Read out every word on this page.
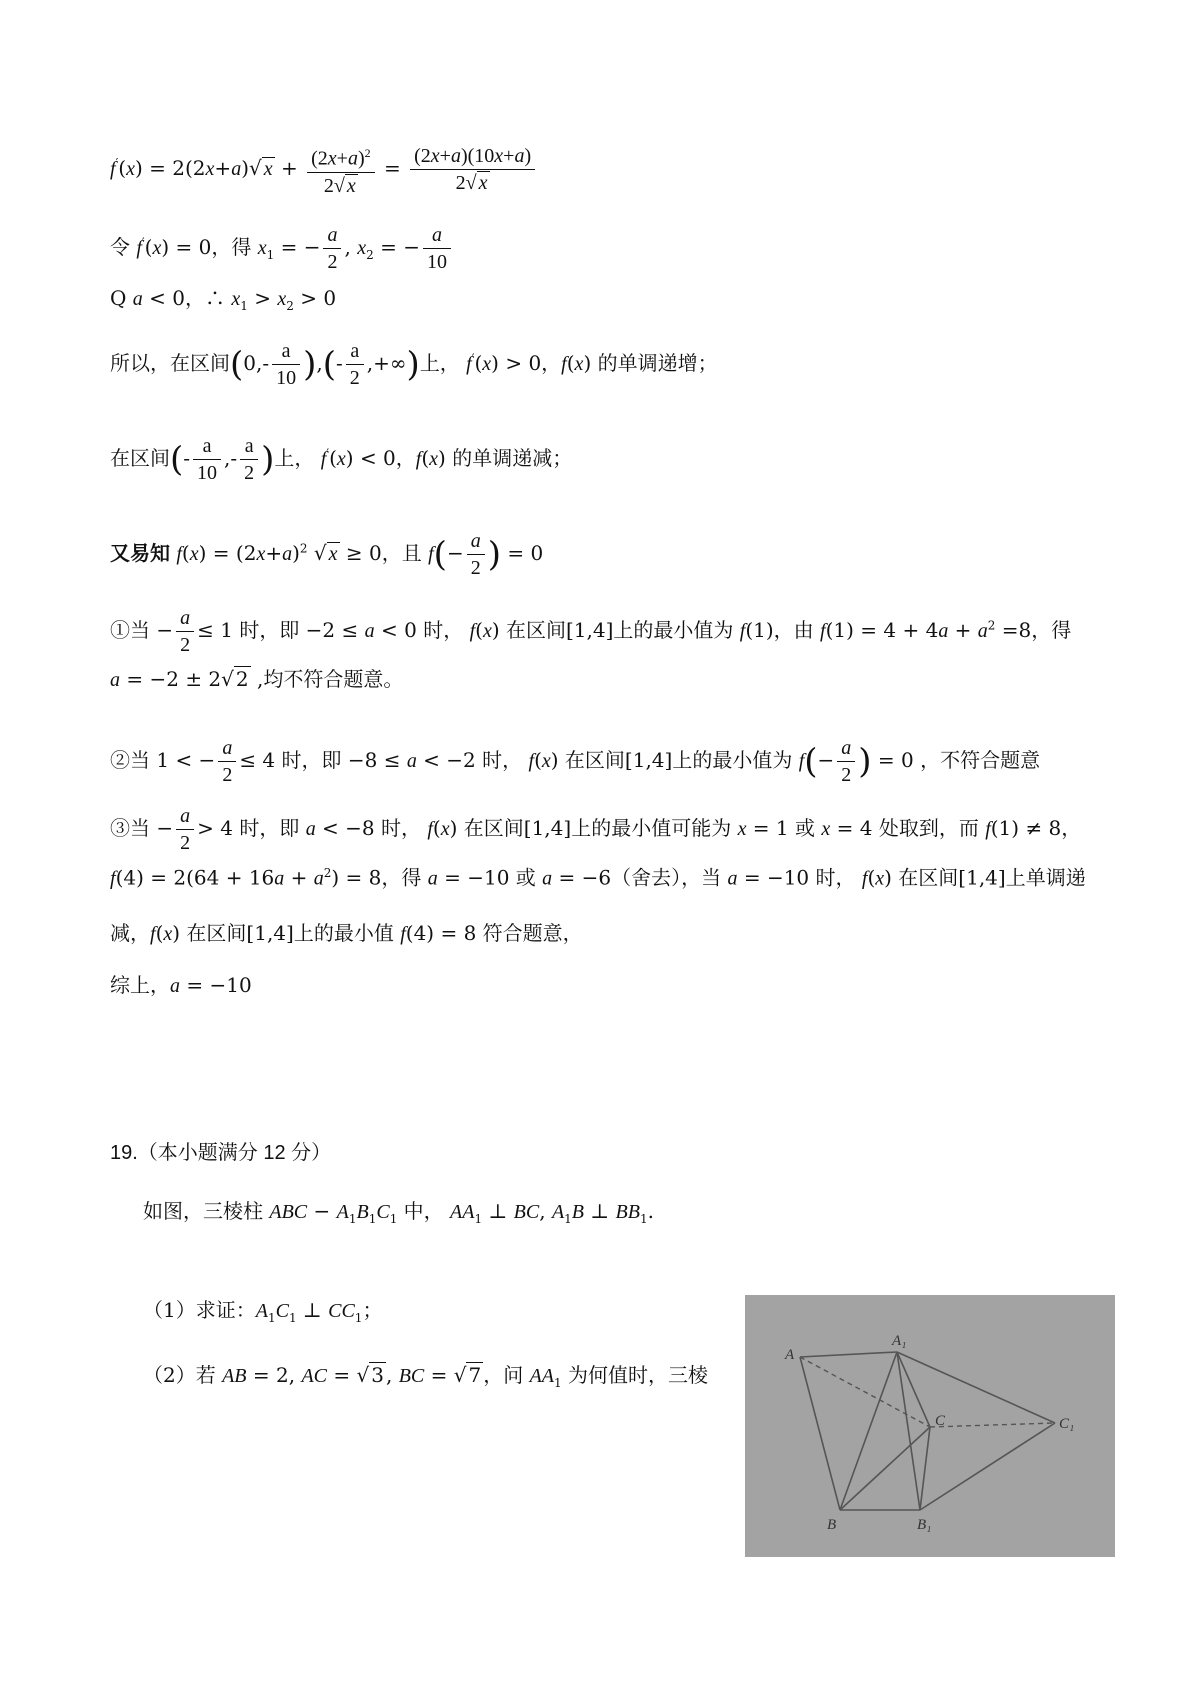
f′(x) = 2(2x+a)√ $x + \frac{(2x+a)^2}{2√ x} = \frac{(2x+a)(10x+a)}{2√ x}$
令 f′(x) = 0，得 $x_1$ = − $\frac{a}{2}$ , $x_2$ = − $\frac{a}{10}$
Q a < 0，∴ $x_1 > x_2 > 0$
所以，在区间($0,- \frac{a}{10}$ ),(- $\frac{a}{2}$ ,+∞)上， f′(x) > 0，f(x) 的单调递增；
在区间(- $\frac{a}{10}$ ,- $\frac{a}{2}$ )上， f′(x) < 0，f(x) 的单调递减；
又易知 $f(x) = (2x+a)^2$ √ x ≥ 0，且 $f(- \frac{a}{2}$ ) = 0
①当 − $\frac{a}{2} \le 1$ 时，即 −2 ≤ a < 0 时， f(x) 在区间[1,4]上的最小值为 f(1)，由 $f(1) = 4 + 4a + a^2 =8$，得
a = −2 ± 2√ 2 ,均不符合题意。
②当 1 < − $\frac{a}{2} \le 4$ 时，即 −8 ≤ a < −2 时， f(x) 在区间[1,4]上的最小值为 $f(- \frac{a}{2}$ ) = 0 ，不符合题意
③当 − $\frac{a}{2} > 4$ 时，即 a < −8 时， f(x) 在区间[1,4]上的最小值可能为 x = 1 或 x = 4 处取到，而 f(1) ≠ 8，
$f(4) = 2(64 + 16a + a^2) = 8$，得 a = −10 或 a = −6（舍去），当 a = −10 时， f(x) 在区间[1,4]上单调递
减，f(x) 在区间[1,4]上的最小值 f(4) = 8 符合题意，
综上，a = −10
19.（本小题满分 12 分）
如图，三棱柱 ABC − $A_1B_1C_1$ 中， $AA_1$ ⊥ BC, $A_1B$ ⊥ $BB_1$.
（1）求证：$A_1C_1$ ⊥ $CC_1$；
（2）若 AB = 2, AC = √ 3 , BC = √ 7 ，问 $AA_1$ 为何值时，三棱
A
A₁
C	C₁
B	B₁
